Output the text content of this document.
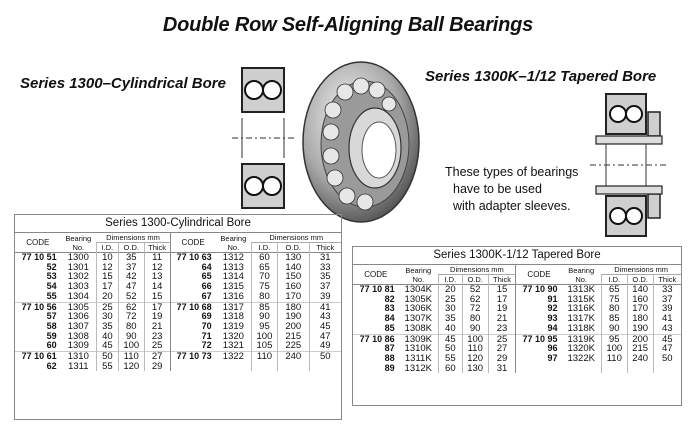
Double Row Self-Aligning Ball Bearings
Series 1300–Cylindrical Bore	Series 1300K–1/12 Tapered Bore
These types of bearings
have to be used
with adapter sleeves.
Series 1300-Cylindrical Bore
CODE	Bearing No.	Dimensions mm			CODE	Bearing No.	Dimensions mm		
		I.D.	O.D.	Thick			I.D.	O.D.	Thick
77 10 51	1300	10	35	11	77 10 63	1312	60	130	31
52	1301	12	37	12	64	1313	65	140	33
53	1302	15	42	13	65	1314	70	150	35
54	1303	17	47	14	66	1315	75	160	37
55	1304	20	52	15	67	1316	80	170	39
77 10 56	1305	25	62	17	77 10 68	1317	85	180	41
57	1306	30	72	19	69	1318	90	190	43
58	1307	35	80	21	70	1319	95	200	45
59	1308	40	90	23	71	1320	100	215	47
60	1309	45	100	25	72	1321	105	225	49
77 10 61	1310	50	110	27	77 10 73	1322	110	240	50
62	1311	55	120	29					
Series 1300K-1/12 Tapered Bore
CODE	Bearing No.	Dimensions mm			CODE	Bearing No.	Dimensions mm		
		I.D.	O.D.	Thick			I.D.	O.D.	Thick
77 10 81	1304K	20	52	15	77 10 90	1313K	65	140	33
82	1305K	25	62	17	91	1315K	75	160	37
83	1306K	30	72	19	92	1316K	80	170	39
84	1307K	35	80	21	93	1317K	85	180	41
85	1308K	40	90	23	94	1318K	90	190	43
77 10 86	1309K	45	100	25	77 10 95	1319K	95	200	45
87	1310K	50	110	27	96	1320K	100	215	47
88	1311K	55	120	29	97	1322K	110	240	50
89	1312K	60	130	31					
